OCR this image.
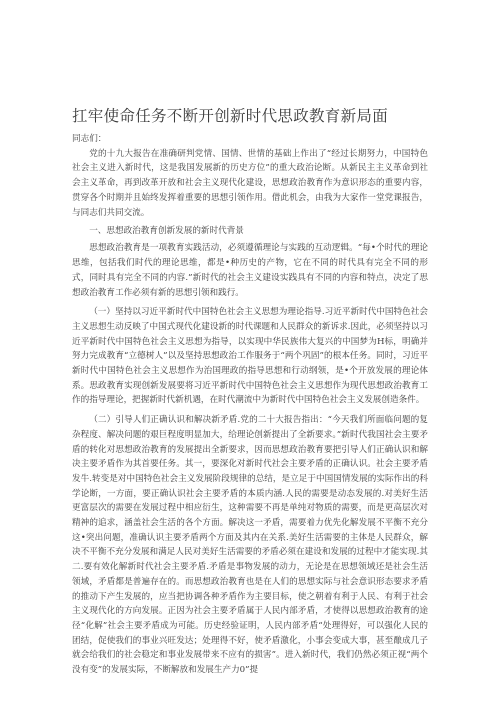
扛牢使命任务不断开创新时代思政教育新局面

同志们：

党的十九大报告在准确研判党情、国情、世情的基础上作出了“经过长期努力，中国特色社会主义进入新时代，这是我国发展新的历史方位”的重大政治论断。从新民主主义革命到社会主义革命，再到改革开放和社会主义现代化建设，思想政治教育作为意识形态的重要内容，贯穿各个时期并且始终发挥着重要的思想引领作用。借此机会，由我为大家作一堂党课报告，与同志们共同交流。

一、思想政治教育创新发展的新时代背景

思想政治教育是一项教育实践活动，必须遵循理论与实践的互动逻辑。“每•个时代的理论思维，包括我们时代的理论思维，都是•种历史的产物，它在不同的时代具有完全不同的形式，同时具有完全不同的内容.”新时代的社会主义建设实践具有不同的内容和特点，决定了思想政治教育工作必须有新的思想引领和践行。

（一）坚持以习近平新时代中国特色社会主义思想为理论指导.习近平新时代中国特色社会主义思想生动反映了中国式现代化建设新的时代课题和人民群众的新诉求.因此，必须坚持以习近平新时代中国特色社会主义思想为指导，以实现中华民族伟大复兴的中国梦为H标，明确并努力完成教育“立德树人”以及坚持思想政治工作服务于“两个巩固”的根本任务。同时，习近平新时代中国特色社会主义思想作为治国理政的指导思想和行动纲领，是•个开放发展的理论体系。思政教育实现创新发展要将习近平新时代中国特色社会主义思想作为现代思想政治教育工作的指导理论，把握新时代新机遇，在时代潮流中为新时代中国特色社会主义发展创造条件。

（二）引导人们正确认识和解决新矛盾.党的二十大报告指出：“今天我们所面临问题的复杂程度、解决问题的艰巨程度明显加大，给理论创新提出了全新要求。”新时代我国社会主要矛盾的转化对思想政治教育的发展提出全新要求，因而思想政治教育要把引导人们正确认识和解决主要矛盾作为其首要任务。其一，要深化对新时代社会主要矛盾的正确认识。社会主要矛盾发牛.转变是对中国特色社会主义发展阶段规律的总结，是立足于中国国情发展的实际作出的科学论断，一方面，要正确认识社会主要矛盾的本质内涵.人民的需要是动态发展的.对美好生活更富层次的需要在发展过程中相应衍生，这种需要不再是单纯对物质的需要，而是更高层次对精神的追求，涵盖社会生活的各个方面。解决这一矛盾，需要着力优先化解发展不平衡不充分这•突出问题，准确认识主要矛盾两个方面及其内在关系.美好生活需要的主体是人民群众，解决不平衡不充分发展和满足人民对美好生活需要的矛盾必须在建设和发展的过程中才能实现.其二.要有效化解新时代社会主要矛盾.矛盾是事物发展的动力，无论是在思想领域还是社会生活领域，矛盾都是普遍存在的。而思想政治教育也是在人们的思想实际与社会意识形态要求矛盾的推动下产生发展的，应当把协调各种矛盾作为主要目标，使之朝着有利于人民、有利于社会主义现代化的方向发展。正因为社会主要矛盾属于人民内部矛盾，才使得以思想政治教育的途径“化解”社会主要矛盾成为可能。历史经验证明，人民内部矛盾“处理得好，可以强化人民的团结，促使我们的事业兴旺发达；处理得不好，使矛盾激化，小事会变成大事，甚至酿成几子就会给我们的社会稳定和事业发展带来不应有的损害”。进入新时代，我们仍然必须正视“两个没有变”的发展实际，不断解放和发展生产力0”提
